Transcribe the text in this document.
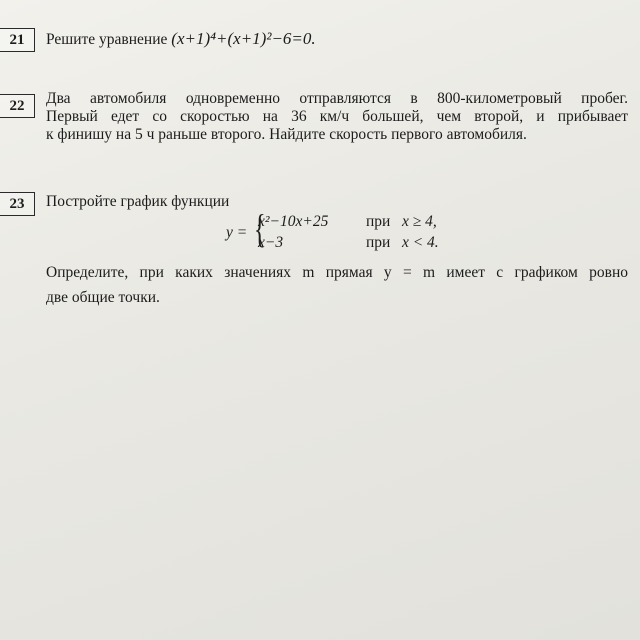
21	Решите уравнение (x+1)⁴+(x+1)²−6=0.
22	Два автомобиля одновременно отправляются в 800-километровый пробег.
Первый едет со скоростью на 36 км/ч большей, чем второй, и прибывает
к финишу на 5 ч раньше второго. Найдите скорость первого автомобиля.
23	Постройте график функции
y = {
x²−10x+25 при x ≥ 4,
x−3	при x < 4.
Определите, при каких значениях m прямая y = m имеет с графиком ровно
две общие точки.
